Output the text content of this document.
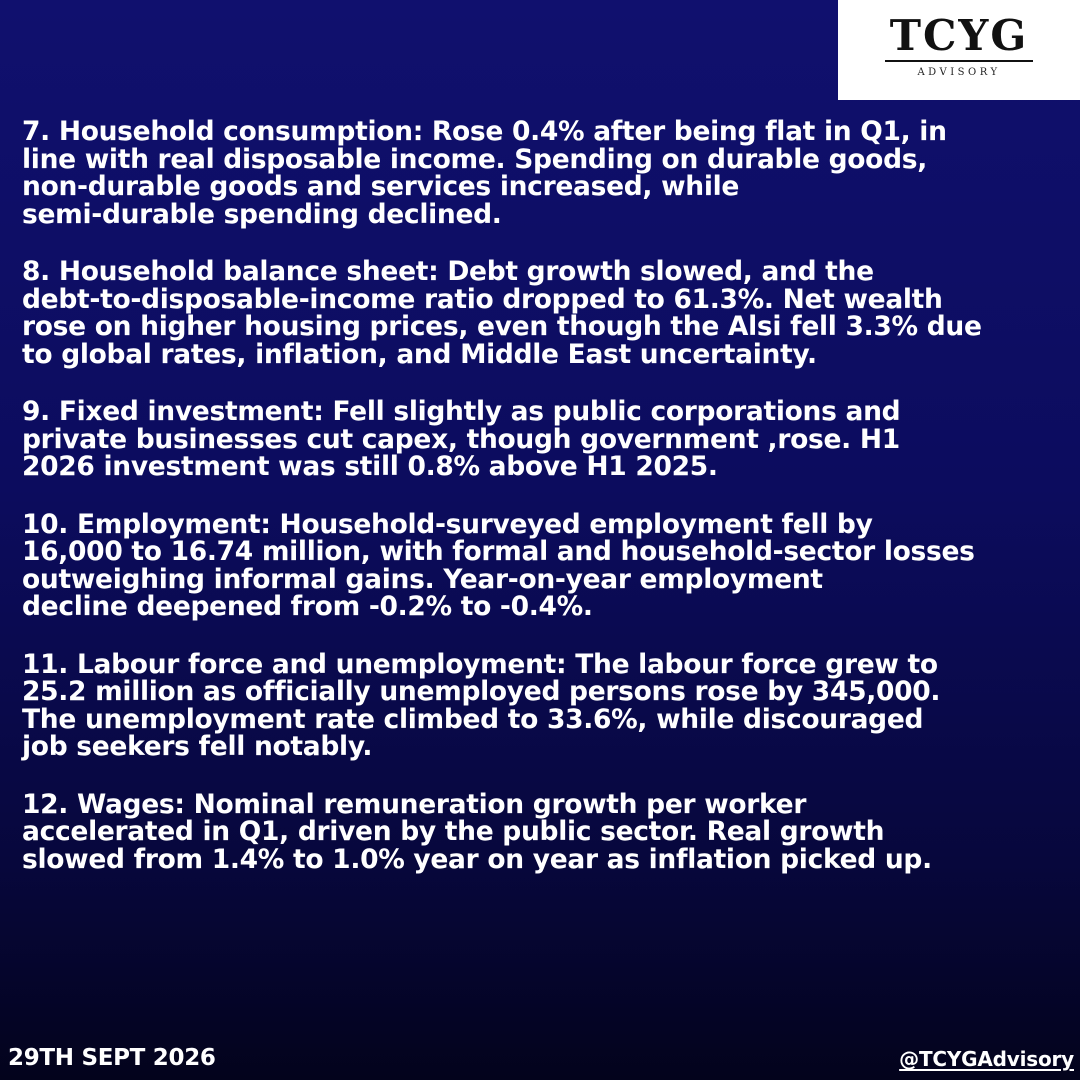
TCYG
ADVISORY

7. Household consumption: Rose 0.4% after being flat in Q1, in
line with real disposable income. Spending on durable goods,
non-durable goods and services increased, while
semi-durable spending declined.

8. Household balance sheet: Debt growth slowed, and the
debt-to-disposable-income ratio dropped to 61.3%. Net wealth
rose on higher housing prices, even though the Alsi fell 3.3% due
to global rates, inflation, and Middle East uncertainty.

9. Fixed investment: Fell slightly as public corporations and
private businesses cut capex, though government ,rose. H1
2026 investment was still 0.8% above H1 2025.

10. Employment: Household-surveyed employment fell by
16,000 to 16.74 million, with formal and household-sector losses
outweighing informal gains. Year-on-year employment
decline deepened from -0.2% to -0.4%.

11. Labour force and unemployment: The labour force grew to
25.2 million as officially unemployed persons rose by 345,000.
The unemployment rate climbed to 33.6%, while discouraged
job seekers fell notably.

12. Wages: Nominal remuneration growth per worker
accelerated in Q1, driven by the public sector. Real growth
slowed from 1.4% to 1.0% year on year as inflation picked up.

29TH SEPT 2026	@TCYGAdvisory
